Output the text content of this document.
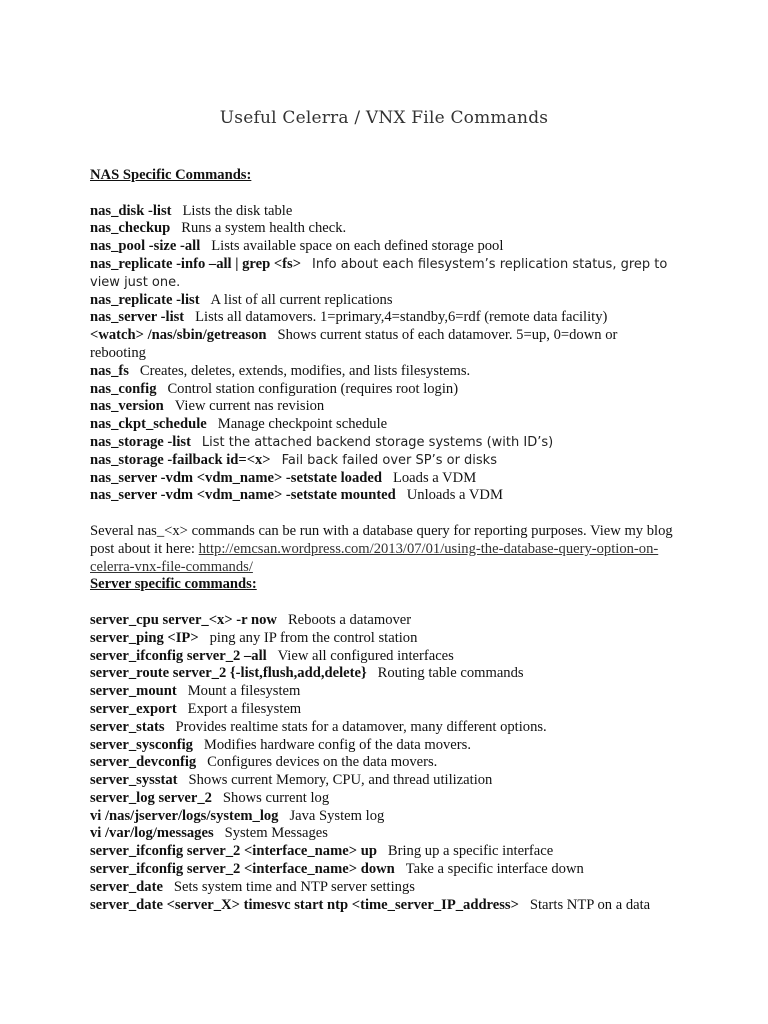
Useful Celerra / VNX File Commands

NAS Specific Commands:

nas_disk -list Lists the disk table

nas_checkup Runs a system health check.

nas_pool -size -all Lists available space on each defined storage pool

nas_replicate -info –all | grep <fs> Info about each filesystem’s replication status, grep to

view just one.

nas_replicate -list A list of all current replications

nas_server -list Lists all datamovers. 1=primary,4=standby,6=rdf (remote data facility)

<watch> /nas/sbin/getreason Shows current status of each datamover. 5=up, 0=down or

rebooting

nas_fs Creates, deletes, extends, modifies, and lists filesystems.

nas_config Control station configuration (requires root login)

nas_version View current nas revision

nas_ckpt_schedule Manage checkpoint schedule

nas_storage -list List the attached backend storage systems (with ID’s)

nas_storage -failback id=<x> Fail back failed over SP’s or disks

nas_server -vdm <vdm_name> -setstate loaded Loads a VDM

nas_server -vdm <vdm_name> -setstate mounted Unloads a VDM

Several nas_<x> commands can be run with a database query for reporting purposes. View my blog post about it here: http://emcsan.wordpress.com/2013/07/01/using-the-database-query-option-on-celerra-vnx-file-commands/

Server specific commands:

server_cpu server_<x> -r now Reboots a datamover

server_ping <IP> ping any IP from the control station

server_ifconfig server_2 –all View all configured interfaces

server_route server_2 {-list,flush,add,delete} Routing table commands

server_mount Mount a filesystem

server_export Export a filesystem

server_stats Provides realtime stats for a datamover, many different options.

server_sysconfig Modifies hardware config of the data movers.

server_devconfig Configures devices on the data movers.

server_sysstat Shows current Memory, CPU, and thread utilization

server_log server_2 Shows current log

vi /nas/jserver/logs/system_log Java System log

vi /var/log/messages System Messages

server_ifconfig server_2 <interface_name> up Bring up a specific interface

server_ifconfig server_2 <interface_name> down Take a specific interface down

server_date Sets system time and NTP server settings

server_date <server_X> timesvc start ntp <time_server_IP_address> Starts NTP on a data
